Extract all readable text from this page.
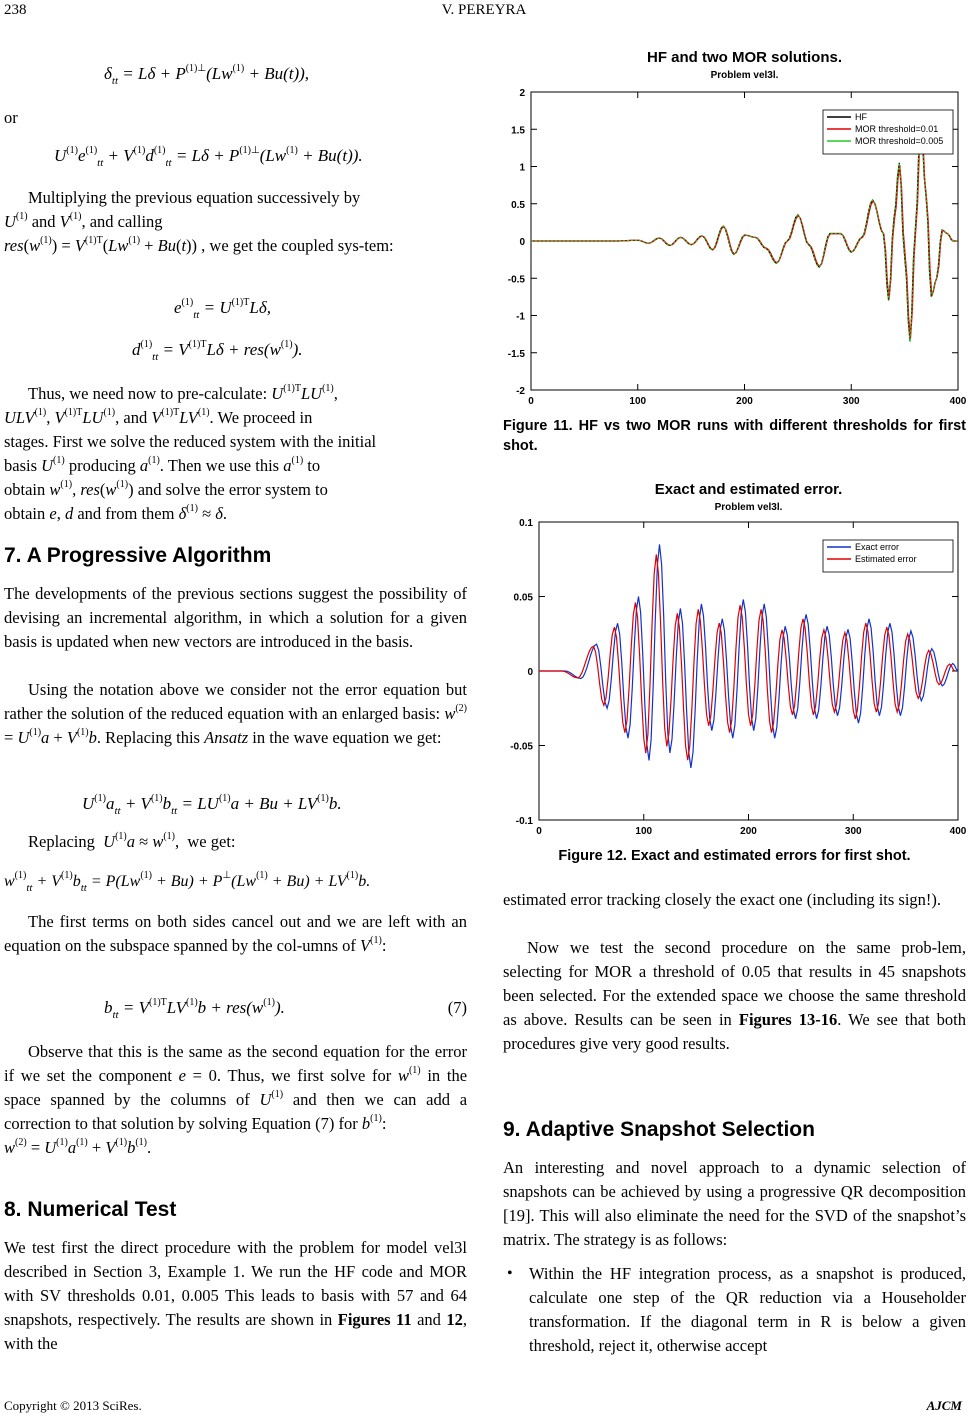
238	V. PEREYRA
$\delta_{tt} = L\delta + P^{(1)\perp}(Lw^{(1)} + Bu(t))$,
or
$U^{(1)}e^{(1)}_{tt} + V^{(1)}d^{(1)}_{tt} = L\delta + P^{(1)\perp}(Lw^{(1)} + Bu(t))$.

Multiplying the previous equation successively by

$U^{(1)}$ and $V^{(1)}$, and calling

$res(w^{(1)}) = V^{(1)T}(Lw^{(1)} + Bu(t))$ , we get the coupled sys-tem:

$e^{(1)}_{tt} = U^{(1)T}L\delta$,
$d^{(1)}_{tt} = V^{(1)T}L\delta + res(w^{(1)})$.

Thus, we need now to pre-calculate: $U^{(1)T}LU^{(1)}$,

ULV$^{(1)}$, $V^{(1)T}LU^{(1)}$, and $V^{(1)T}LV^{(1)}$. We proceed in

stages. First we solve the reduced system with the initial

basis $U^{(1)}$ producing $a^{(1)}$. Then we use this $a^{(1)}$ to

obtain $w^{(1)}$, $res(w^{(1)})$ and solve the error system to

obtain e, d and from them $\delta^{(1)} \approx \delta$.

7. A Progressive Algorithm

The developments of the previous sections suggest the possibility of devising an incremental algorithm, in which a solution for a given basis is updated when new vectors are introduced in the basis.

Using the notation above we consider not the error equation but rather the solution of the reduced equation with an enlarged basis: $w^{(2)} = U^{(1)}a + V^{(1)}b$. Replacing this Ansatz in the wave equation we get:

$U^{(1)}a_{tt} + V^{(1)}b_{tt} = LU^{(1)}a + Bu + LV^{(1)}b$.

Replacing $U^{(1)}a \approx w^{(1)}$,  we get:

$w^{(1)}_{tt} + V^{(1)}b_{tt} = P(Lw^{(1)} + Bu) + P^\perp(Lw^{(1)} + Bu) + LV^{(1)}b$.

The first terms on both sides cancel out and we are left with an equation on the subspace spanned by the col-umns of $V^{(1)}$:

$b_{tt} = V^{(1)T}LV^{(1)}b + res(w^{(1)})$.	(7)

Observe that this is the same as the second equation for the error if we set the component e = 0. Thus, we first solve for $w^{(1)}$ in the space spanned by the columns of $U^{(1)}$ and then we can add a correction to that solution by solving Equation (7) for $b^{(1)}$:

$w^{(2)} = U^{(1)}a^{(1)} + V^{(1)}b^{(1)}$.

8. Numerical Test

We test first the direct procedure with the problem for model vel3l described in Section 3, Example 1. We run the HF code and MOR with SV thresholds 0.01, 0.005 This leads to basis with 57 and 64 snapshots, respectively. The results are shown in Figures 11 and 12, with the

HF and two MOR solutions.
Problem vel3l.
0	100	200	300	400
-2
-1.5
-1
-0.5
0
0.5
1
1.5
2
HF
MOR threshold=0.01
MOR threshold=0.005
Figure 11. HF vs two MOR runs with different thresholds for first shot.
Exact and estimated error.
Problem vel3l.
0	100	200	300	400
-0.1
-0.05
0
0.05
0.1
Exact error
Estimated error
Figure 12. Exact and estimated errors for first shot.

estimated error tracking closely the exact one (including its sign!).

Now we test the second procedure on the same prob-lem, selecting for MOR a threshold of 0.05 that results in 45 snapshots been selected. For the extended space we choose the same threshold as above. Results can be seen in Figures 13-16. We see that both procedures give very good results.

9. Adaptive Snapshot Selection

An interesting and novel approach to a dynamic selection of snapshots can be achieved by using a progressive QR decomposition [19]. This will also eliminate the need for the SVD of the snapshot’s matrix. The strategy is as follows:

• Within the HF integration process, as a snapshot is produced, calculate one step of the QR reduction via a Householder transformation. If the diagonal term in R is below a given threshold, reject it, otherwise accept
Copyright © 2013 SciRes.	AJCM
